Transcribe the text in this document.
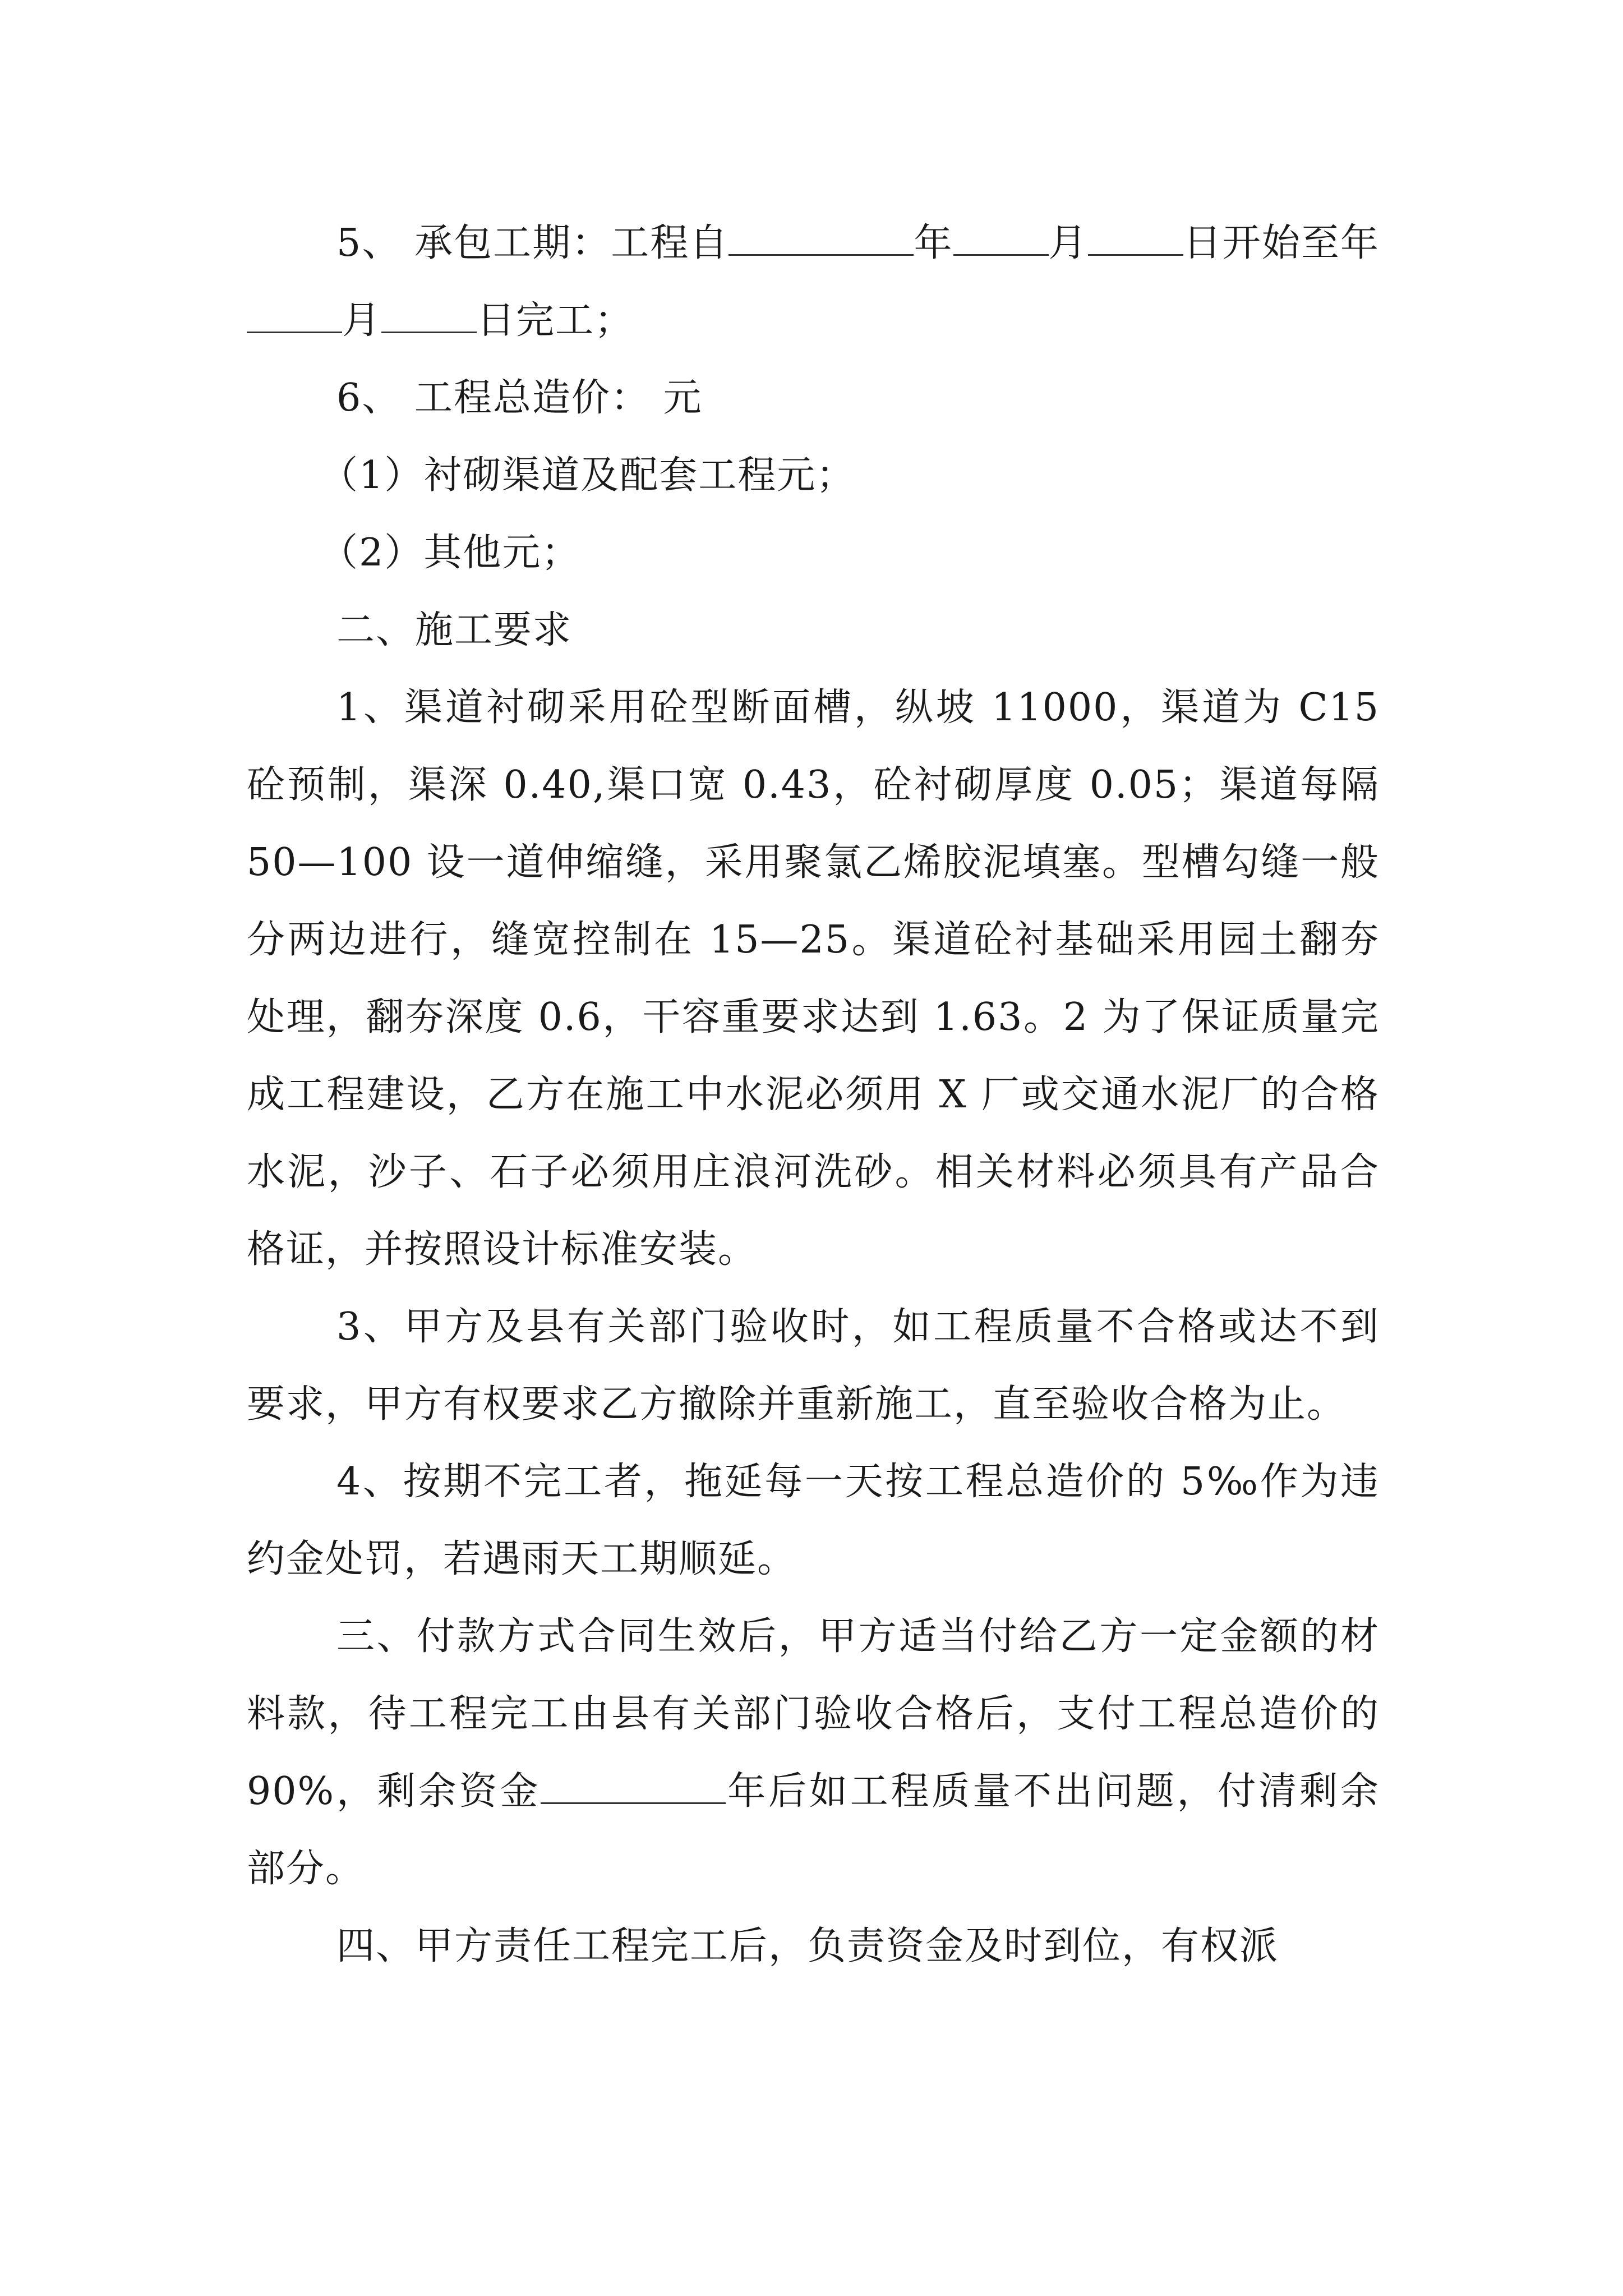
5、 承包工期：工程自	年	月	日开始至年月	日完工；

6、 工程总造价： 元

（1）衬砌渠道及配套工程元；

（2）其他元；

二、施工要求

1、渠道衬砌采用砼型断面槽，纵坡 11000，渠道为 C15 砼预制，渠深 0.40,渠口宽 0.43，砼衬砌厚度 0.05；渠道每隔 50—100 设一道伸缩缝，采用聚氯乙烯胶泥填塞。型槽勾缝一般分两边进行，缝宽控制在 15—25。渠道砼衬基础采用园土翻夯处理，翻夯深度 0.6，干容重要求达到 1.63。2 为了保证质量完成工程建设，乙方在施工中水泥必须用 X 厂或交通水泥厂的合格水泥，沙子、石子必须用庄浪河洗砂。相关材料必须具有产品合格证，并按照设计标准安装。

3、甲方及县有关部门验收时，如工程质量不合格或达不到要求，甲方有权要求乙方撤除并重新施工，直至验收合格为止。

4、按期不完工者，拖延每一天按工程总造价的 5‰作为违约金处罚，若遇雨天工期顺延。

三、付款方式合同生效后，甲方适当付给乙方一定金额的材料款，待工程完工由县有关部门验收合格后，支付工程总造价的 90%，剩余资金	年后如工程质量不出问题，付清剩余部分。

四、甲方责任工程完工后，负责资金及时到位，有权派
